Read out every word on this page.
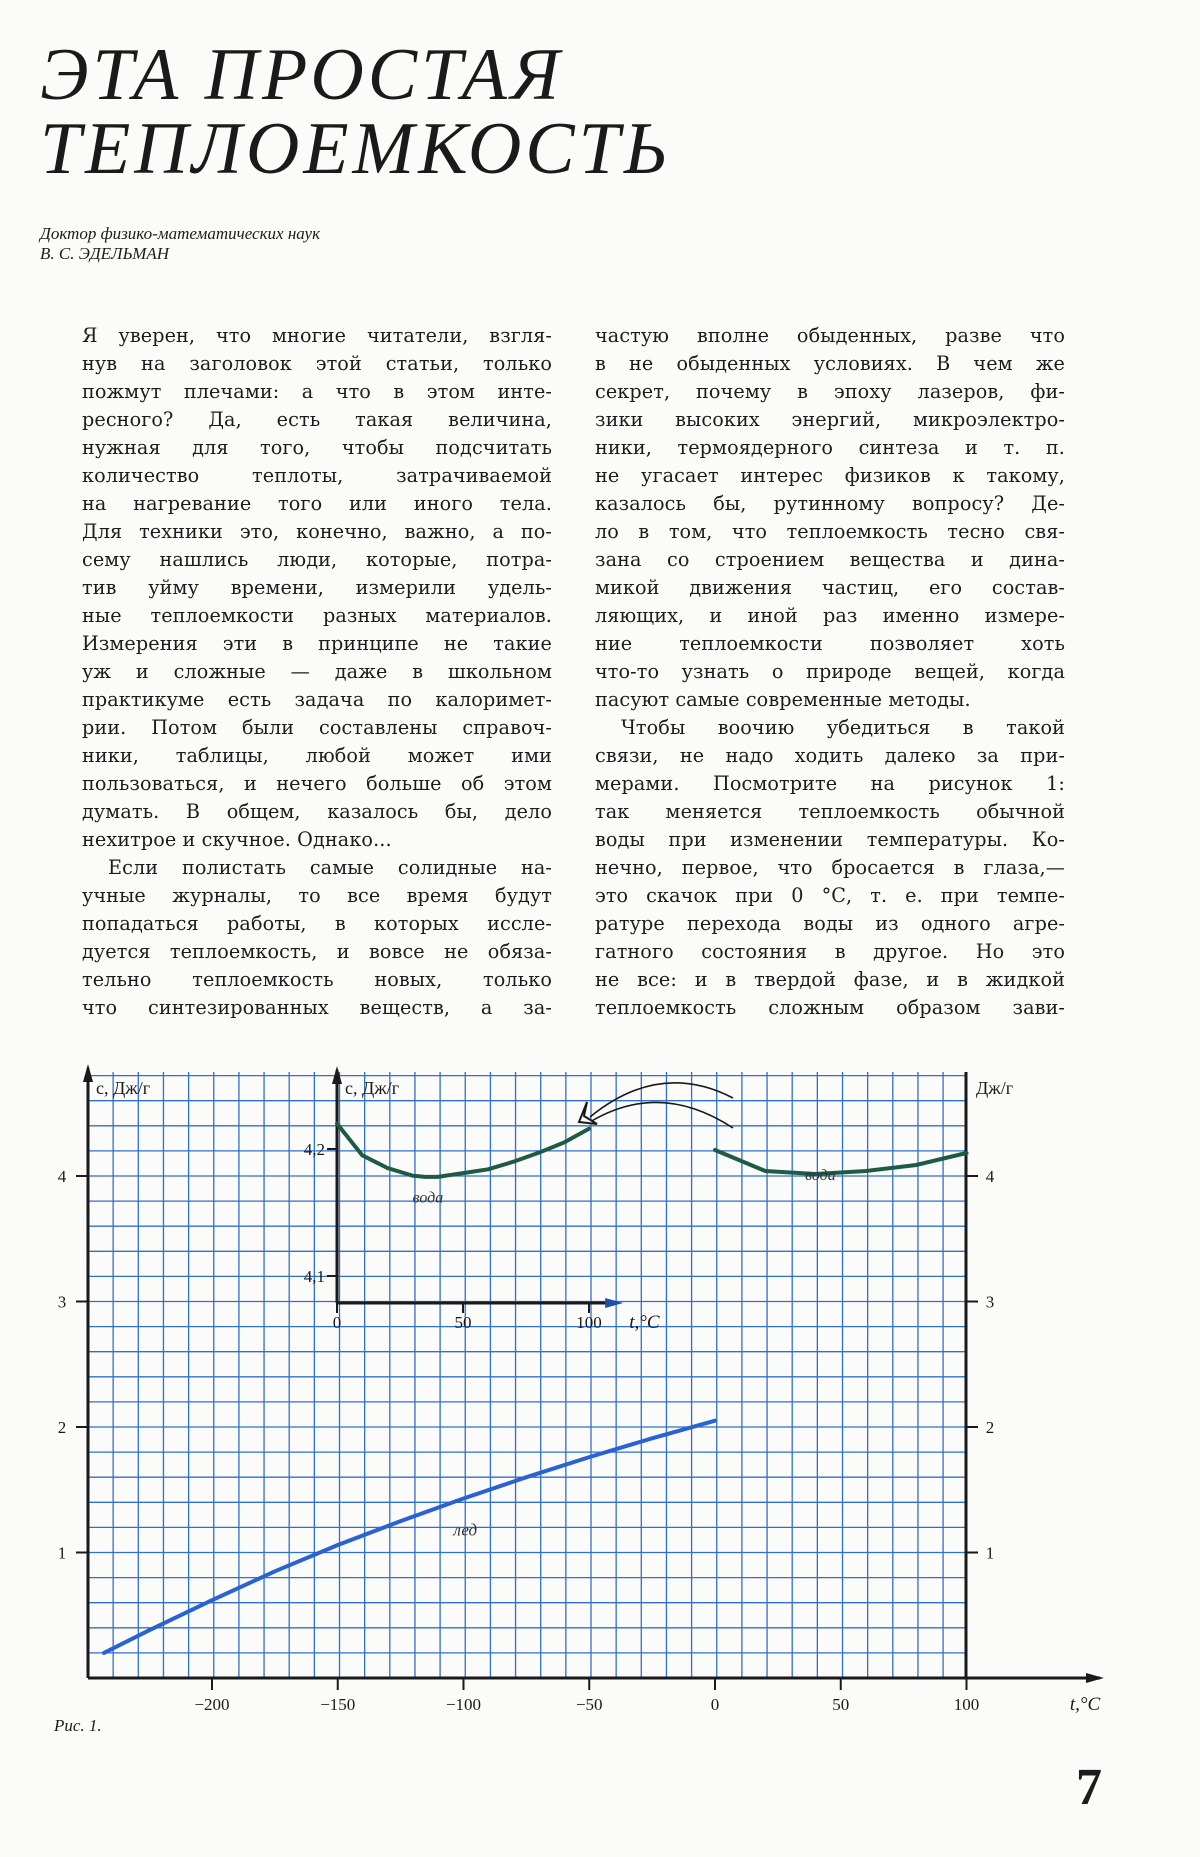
ЭТА ПРОСТАЯ
ТЕПЛОЕМКОСТЬ
Доктор физико-математических наук
В. С. ЭДЕЛЬМАН
Я уверен, что многие читатели, взгля-
нув на заголовок этой статьи, только
пожмут плечами: а что в этом инте-
ресного? Да, есть такая величина,
нужная для того, чтобы подсчитать
количество теплоты, затрачиваемой
на нагревание того или иного тела.
Для техники это, конечно, важно, а по-
сему нашлись люди, которые, потра-
тив уйму времени, измерили удель-
ные теплоемкости разных материалов.
Измерения эти в принципе не такие
уж и сложные — даже в школьном
практикуме есть задача по калоримет-
рии. Потом были составлены справоч-
ники, таблицы, любой может ими
пользоваться, и нечего больше об этом
думать. В общем, казалось бы, дело
нехитрое и скучное. Однако...
Если полистать самые солидные на-
учные журналы, то все время будут
попадаться работы, в которых иссле-
дуется теплоемкость, и вовсе не обяза-
тельно теплоемкость новых, только
что синтезированных веществ, а за-
частую вполне обыденных, разве что
в не обыденных условиях. В чем же
секрет, почему в эпоху лазеров, фи-
зики высоких энергий, микроэлектро-
ники, термоядерного синтеза и т. п.
не угасает интерес физиков к такому,
казалось бы, рутинному вопросу? Де-
ло в том, что теплоемкость тесно свя-
зана со строением вещества и дина-
микой движения частиц, его состав-
ляющих, и иной раз именно измере-
ние теплоемкости позволяет хоть
что-то узнать о природе вещей, когда
пасуют самые современные методы.
Чтобы воочию убедиться в такой
связи, не надо ходить далеко за при-
мерами. Посмотрите на рисунок 1:
так меняется теплоемкость обычной
воды при изменении температуры. Ко-
нечно, первое, что бросается в глаза,—
это скачок при 0 °С, т. е. при темпе-
ратуре перехода воды из одного агре-
гатного состояния в другое. Но это
не все: и в твердой фазе, и в жидкой
теплоемкость сложным образом зави-
−200	−150	−100	−50	0	50	100	t,°C
1	1
2	2
3	3
4	4
c, Дж/г	Дж/г
лед
вода
0	50	100 t,°C
4,1
4,2
c, Дж/г
вода
Рис. 1.
7
